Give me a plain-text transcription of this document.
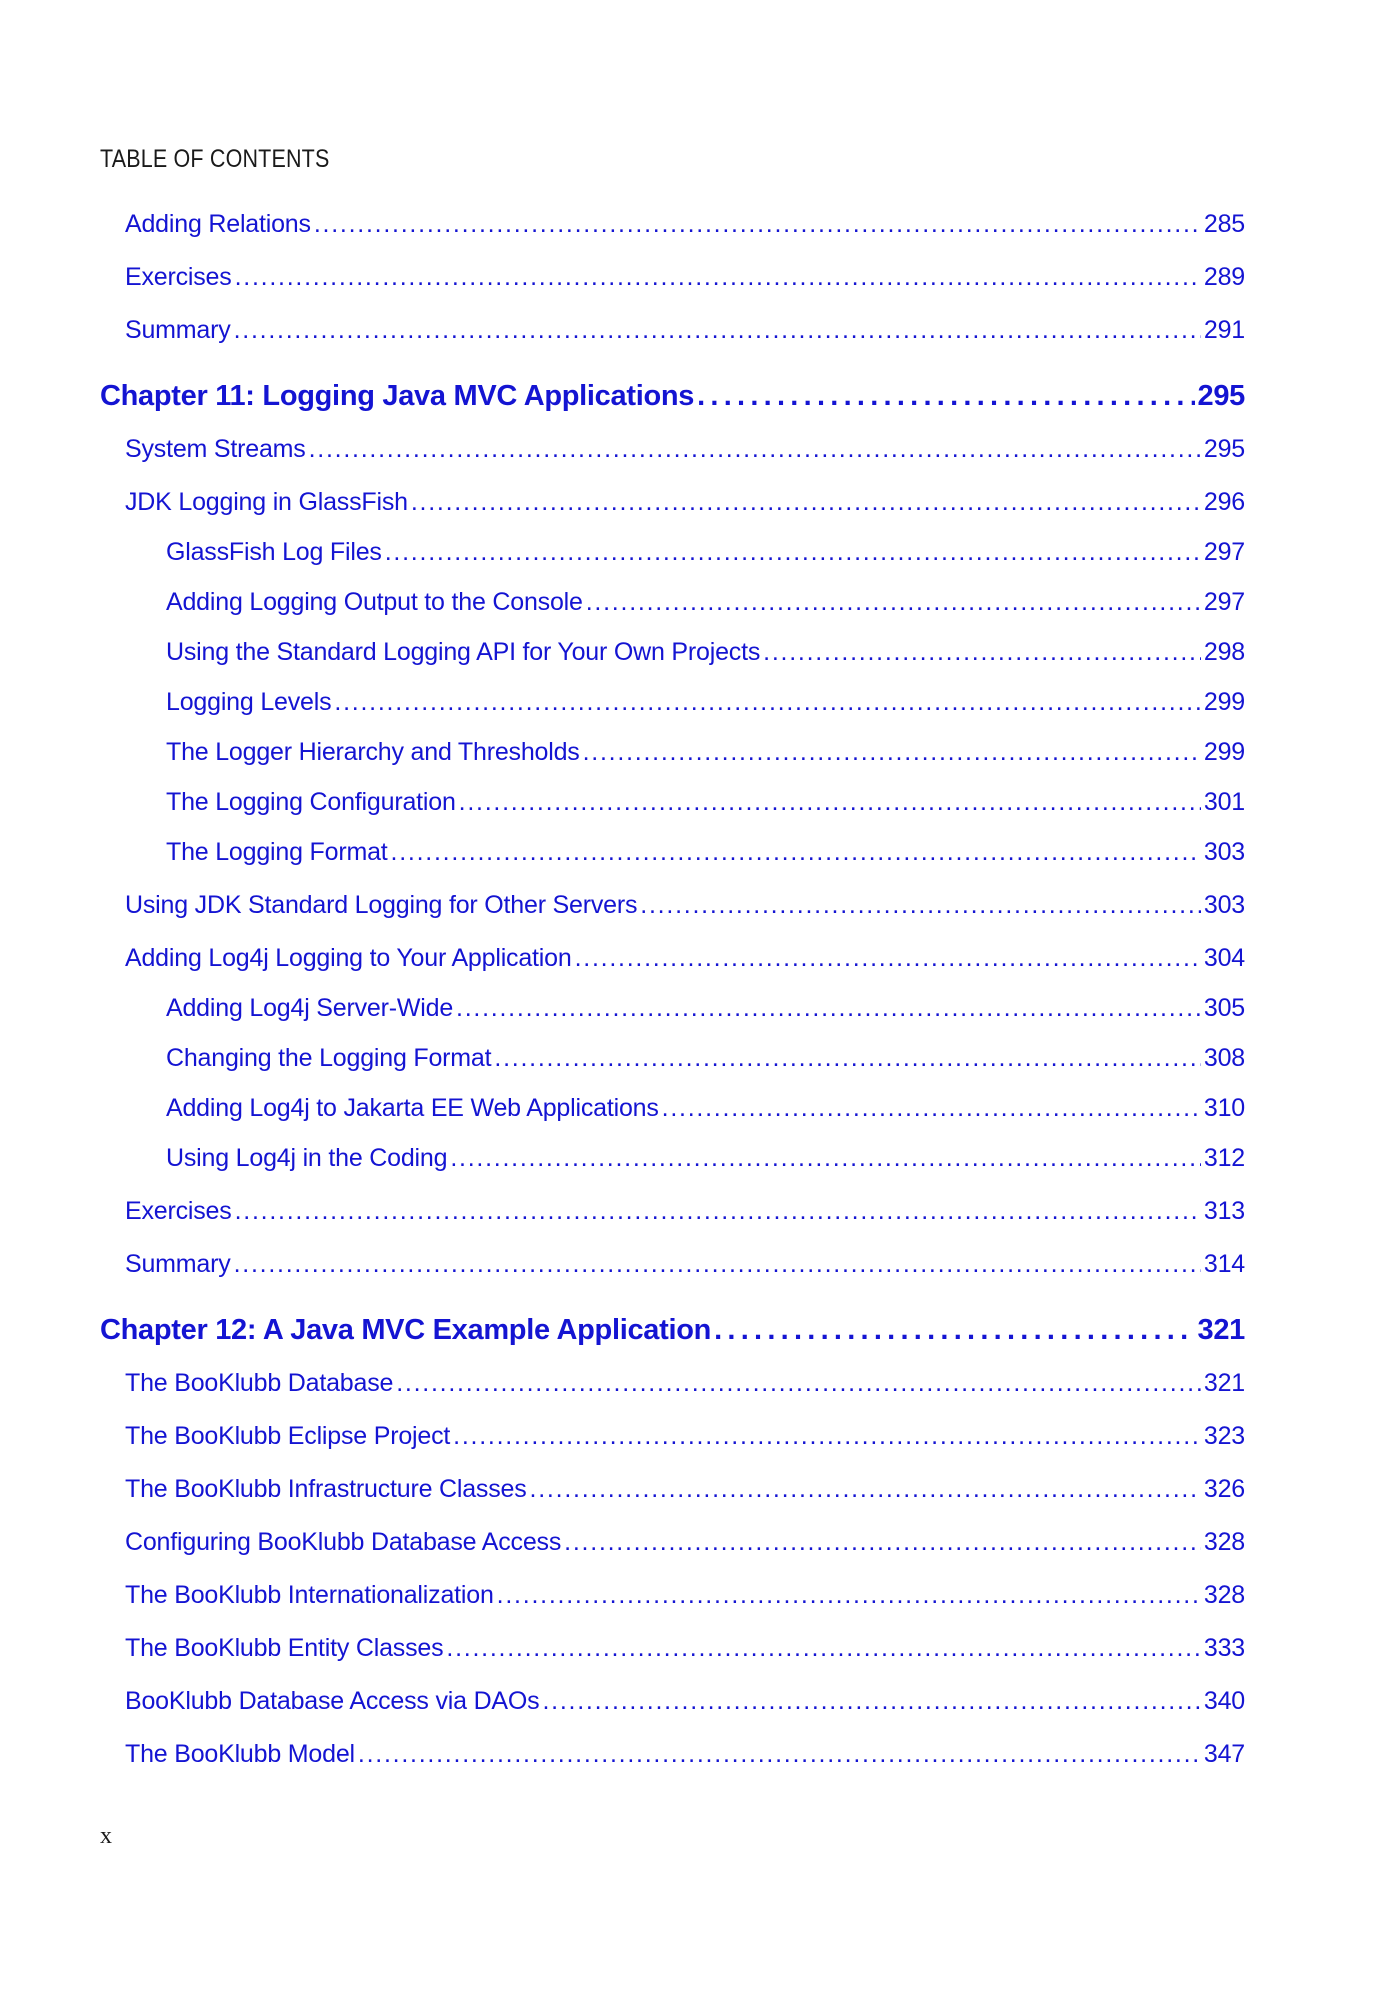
TABLE OF CONTENTS
Adding Relations . . .	285
Exercises . . .	289
Summary . . .	291
Chapter 11: Logging Java MVC Applications . . .	295
System Streams . . .	295
JDK Logging in GlassFish . . .	296
GlassFish Log Files . . .	297
Adding Logging Output to the Console . . .	297
Using the Standard Logging API for Your Own Projects . . .	298
Logging Levels . . .	299
The Logger Hierarchy and Thresholds . . .	299
The Logging Configuration . . .	301
The Logging Format . . .	303
Using JDK Standard Logging for Other Servers . . .	303
Adding Log4j Logging to Your Application . . .	304
Adding Log4j Server-Wide . . .	305
Changing the Logging Format . . .	308
Adding Log4j to Jakarta EE Web Applications . . .	310
Using Log4j in the Coding . . .	312
Exercises . . .	313
Summary . . .	314
Chapter 12: A Java MVC Example Application . . .	321
The BooKlubb Database . . .	321
The BooKlubb Eclipse Project . . .	323
The BooKlubb Infrastructure Classes . . .	326
Configuring BooKlubb Database Access . . .	328
The BooKlubb Internationalization . . .	328
The BooKlubb Entity Classes . . .	333
BooKlubb Database Access via DAOs . . .	340
The BooKlubb Model . . .	347
x
